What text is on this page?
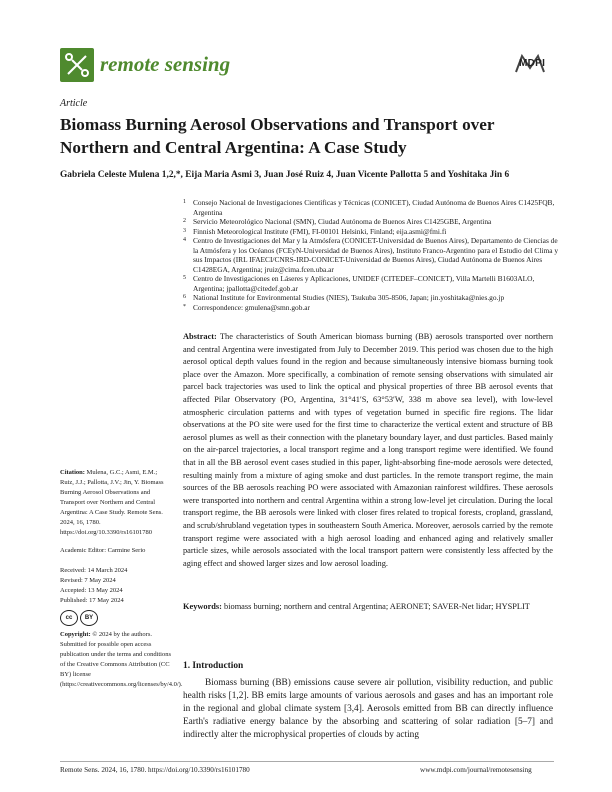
remote sensing	MDPI
Article
Biomass Burning Aerosol Observations and Transport over Northern and Central Argentina: A Case Study
Gabriela Celeste Mulena 1,2,*, Eija Maria Asmi 3, Juan José Ruiz 4, Juan Vicente Pallotta 5 and Yoshitaka Jin 6
1 Consejo Nacional de Investigaciones Científicas y Técnicas (CONICET), Ciudad Autónoma de Buenos Aires C1425FQB, Argentina
2 Servicio Meteorológico Nacional (SMN), Ciudad Autónoma de Buenos Aires C1425GBE, Argentina
3 Finnish Meteorological Institute (FMI), FI-00101 Helsinki, Finland; eija.asmi@fmi.fi
4 Centro de Investigaciones del Mar y la Atmósfera (CONICET-Universidad de Buenos Aires), Departamento de Ciencias de la Atmósfera y los Océanos (FCEyN-Universidad de Buenos Aires), Instituto Franco-Argentino para el Estudio del Clima y sus Impactos (IRL IFAECI/CNRS-IRD-CONICET-Universidad de Buenos Aires), Ciudad Autónoma de Buenos Aires C1428EGA, Argentina; jruiz@cima.fcen.uba.ar
5 Centro de Investigaciones en Láseres y Aplicaciones, UNIDEF (CITEDEF–CONICET), Villa Martelli B1603ALO, Argentina; jpallotta@citedef.gob.ar
6 National Institute for Environmental Studies (NIES), Tsukuba 305-8506, Japan; jin.yoshitaka@nies.go.jp
* Correspondence: gmulena@smn.gob.ar
Abstract: The characteristics of South American biomass burning (BB) aerosols transported over northern and central Argentina were investigated from July to December 2019. This period was chosen due to the high aerosol optical depth values found in the region and because simultaneously intensive biomass burning took place over the Amazon. More specifically, a combination of remote sensing observations with simulated air parcel back trajectories was used to link the optical and physical properties of three BB aerosol events that affected Pilar Observatory (PO, Argentina, 31°41′S, 63°53′W, 338 m above sea level), with low-level atmospheric circulation patterns and with types of vegetation burned in specific fire regions. The lidar observations at the PO site were used for the first time to characterize the vertical extent and structure of BB aerosol plumes as well as their connection with the planetary boundary layer, and dust particles. Based mainly on the air-parcel trajectories, a local transport regime and a long transport regime were identified. We found that in all the BB aerosol event cases studied in this paper, light-absorbing fine-mode aerosols were detected, resulting mainly from a mixture of aging smoke and dust particles. In the remote transport regime, the main sources of the BB aerosols reaching PO were associated with Amazonian rainforest wildfires. These aerosols were transported into northern and central Argentina within a strong low-level jet circulation. During the local transport regime, the BB aerosols were linked with closer fires related to tropical forests, cropland, grassland, and scrub/shrubland vegetation types in southeastern South America. Moreover, aerosols carried by the remote transport regime were associated with a high aerosol loading and enhanced aging and relatively smaller particle sizes, while aerosols associated with the local transport pattern were consistently less affected by the aging effect and showed larger sizes and low aerosol loading.
Keywords: biomass burning; northern and central Argentina; AERONET; SAVER-Net lidar; HYSPLIT

Citation: Mulena, G.C.; Asmi, E.M.; Ruiz, J.J.; Pallotta, J.V.; Jin, Y. Biomass Burning Aerosol Observations and Transport over Northern and Central Argentina: A Case Study. Remote Sens. 2024, 16, 1780. https://doi.org/10.3390/rs16101780

Academic Editor: Carmine Serio

Received: 14 March 2024

Revised: 7 May 2024

Accepted: 13 May 2024

Published: 17 May 2024

cc	BY

Copyright: © 2024 by the authors. Submitted for possible open access publication under the terms and conditions of the Creative Commons Attribution (CC BY) license (https://creativecommons.org/licenses/by/4.0/).

1. Introduction
Biomass burning (BB) emissions cause severe air pollution, visibility reduction, and public health risks [1,2]. BB emits large amounts of various aerosols and gases and has an important role in the regional and global climate system [3,4]. Aerosols emitted from BB can directly influence Earth's radiative energy balance by the absorbing and scattering of solar radiation [5–7] and indirectly alter the microphysical properties of clouds by acting
Remote Sens. 2024, 16, 1780. https://doi.org/10.3390/rs16101780	www.mdpi.com/journal/remotesensing
